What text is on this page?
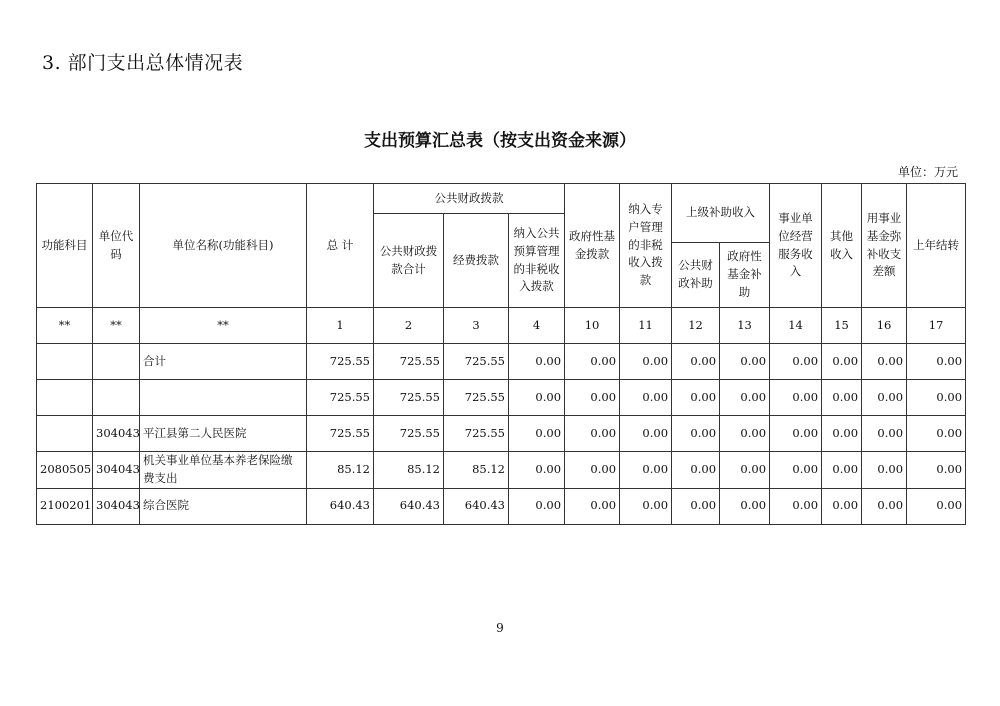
3. 部门支出总体情况表
支出预算汇总表（按支出资金来源）
单位：万元
功能科目	单位代码	单位名称(功能科目)	总 计	公共财政拨款			政府性基金拨款	纳入专户管理的非税收入拨款	上级补助收入		事业单位经营服务收入	其他收入	用事业基金弥补收支差额	上年结转
				公共财政拨款合计	经费拨款	纳入公共预算管理的非税收入拨款								
									公共财政补助	政府性基金补助				
**	**	**	1	2	3	4	10	11	12	13	14	15	16	17
		合计	725.55	725.55	725.55	0.00	0.00	0.00	0.00	0.00	0.00	0.00	0.00	0.00
			725.55	725.55	725.55	0.00	0.00	0.00	0.00	0.00	0.00	0.00	0.00	0.00
	304043	平江县第二人民医院	725.55	725.55	725.55	0.00	0.00	0.00	0.00	0.00	0.00	0.00	0.00	0.00
2080505	304043	机关事业单位基本养老保险缴费支出	85.12	85.12	85.12	0.00	0.00	0.00	0.00	0.00	0.00	0.00	0.00	0.00
2100201	304043	综合医院	640.43	640.43	640.43	0.00	0.00	0.00	0.00	0.00	0.00	0.00	0.00	0.00
9
